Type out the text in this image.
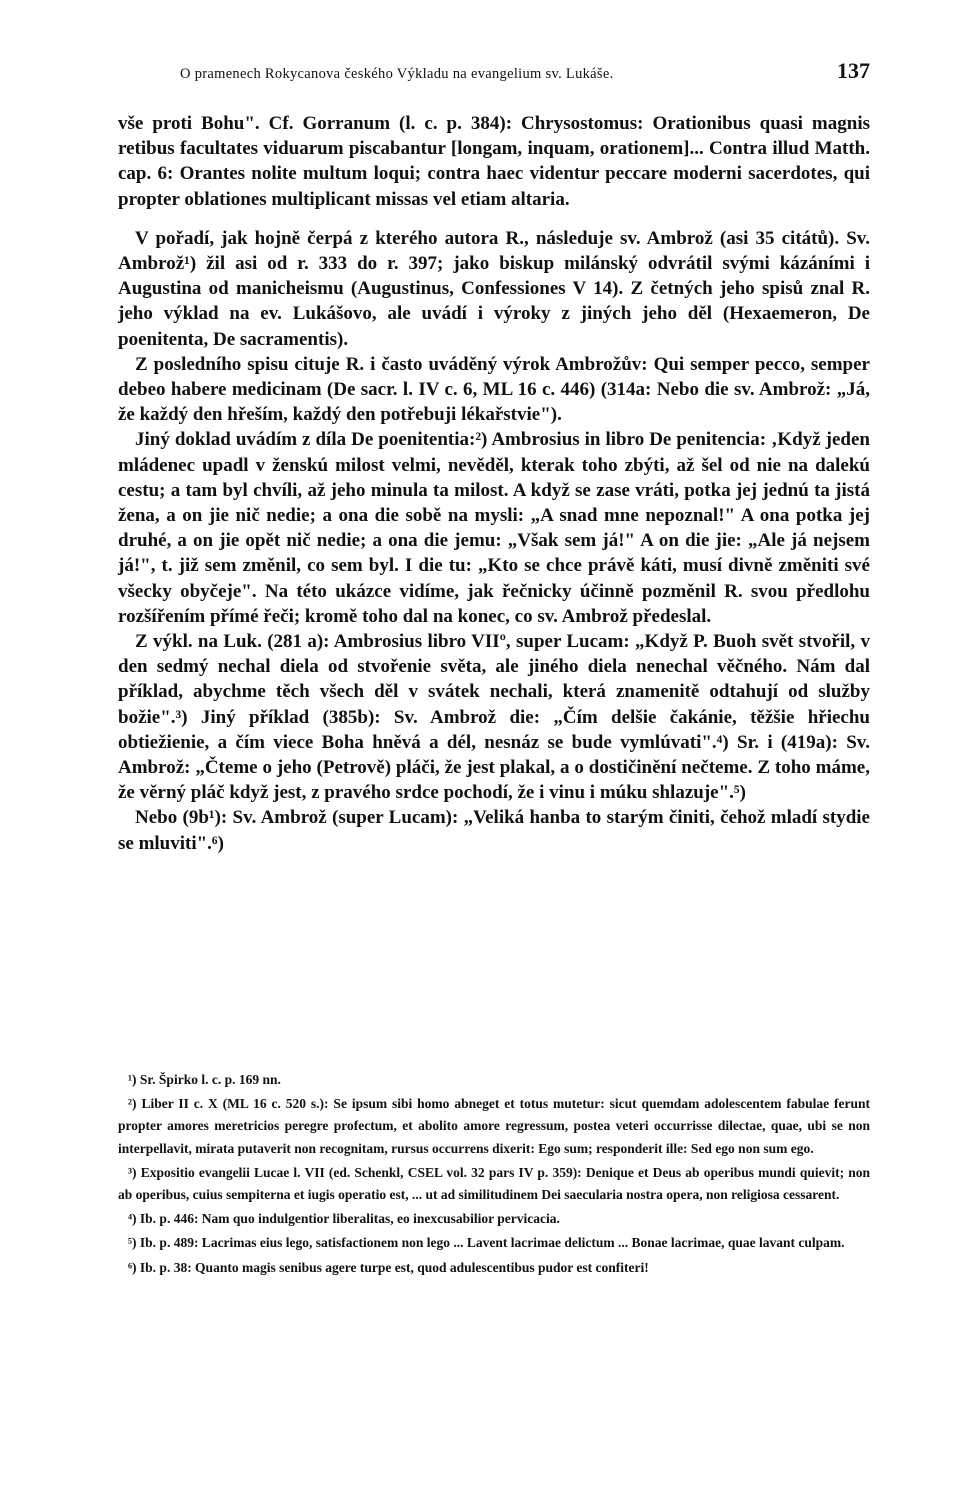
O pramenech Rokycanova českého Výkladu na evangelium sv. Lukáše.	137

vše proti Bohu". Cf. Gorranum (l. c. p. 384): Chrysostomus: Orationibus quasi magnis retibus facultates viduarum piscabantur [longam, inquam, orationem]... Contra illud Matth. cap. 6: Orantes nolite multum loqui; contra haec videntur peccare moderni sacerdotes, qui propter oblationes multiplicant missas vel etiam altaria.

V pořadí, jak hojně čerpá z kterého autora R., následuje sv. Ambrož (asi 35 citátů). Sv. Ambrož¹) žil asi od r. 333 do r. 397; jako biskup milánský odvrátil svými kázáními i Augustina od manicheismu (Augustinus, Confessiones V 14). Z četných jeho spisů znal R. jeho výklad na ev. Lukášovo, ale uvádí i výroky z jiných jeho děl (Hexaemeron, De poenitenta, De sacramentis).

Z posledního spisu cituje R. i často uváděný výrok Ambrožův: Qui semper pecco, semper debeo habere medicinam (De sacr. l. IV c. 6, ML 16 c. 446) (314a: Nebo die sv. Ambrož: „Já, že každý den hřeším, každý den potřebuji lékařstvie").

Jiný doklad uvádím z díla De poenitentia:²) Ambrosius in libro De penitencia: ‚Když jeden mládenec upadl v ženskú milost velmi, nevěděl, kterak toho zbýti, až šel od nie na dalekú cestu; a tam byl chvíli, až jeho minula ta milost. A když se zase vráti, potka jej jednú ta jistá žena, a on jie nič nedie; a ona die sobě na mysli: „A snad mne nepoznal!" A ona potka jej druhé, a on jie opět nič nedie; a ona die jemu: „Však sem já!" A on die jie: „Ale já nejsem já!", t. již sem změnil, co sem byl. I die tu: „Kto se chce právě káti, musí divně změniti své všecky obyčeje". Na této ukázce vidíme, jak řečnicky účinně pozměnil R. svou předlohu rozšířením přímé řeči; kromě toho dal na konec, co sv. Ambrož předeslal.

Z výkl. na Luk. (281 a): Ambrosius libro VIIº, super Lucam: „Když P. Buoh svět stvořil, v den sedmý nechal diela od stvořenie světa, ale jiného diela nenechal věčného. Nám dal příklad, abychme těch všech děl v svátek nechali, která znamenitě odtahují od služby božie".³) Jiný příklad (385b): Sv. Ambrož die: „Čím delšie čakánie, těžšie hřiechu obtiežienie, a čím viece Boha hněvá a dél, nesnáz se bude vymlúvati".⁴) Sr. i (419a): Sv. Ambrož: „Čteme o jeho (Petrově) pláči, že jest plakal, a o dostičinění nečteme. Z toho máme, že věrný pláč když jest, z pravého srdce pochodí, že i vinu i múku shlazuje".⁵)

Nebo (9b¹): Sv. Ambrož (super Lucam): „Veliká hanba to starým činiti, čehož mladí stydie se mluviti".⁶)

¹) Sr. Špirko l. c. p. 169 nn.

²) Liber II c. X (ML 16 c. 520 s.): Se ipsum sibi homo abneget et totus mutetur: sicut quemdam adolescentem fabulae ferunt propter amores meretricios peregre profectum, et abolito amore regressum, postea veteri occurrisse dilectae, quae, ubi se non interpellavit, mirata putaverit non recognitam, rursus occurrens dixerit: Ego sum; responderit ille: Sed ego non sum ego.

³) Expositio evangelii Lucae l. VII (ed. Schenkl, CSEL vol. 32 pars IV p. 359): Denique et Deus ab operibus mundi quievit; non ab operibus, cuius sempiterna et iugis operatio est, ... ut ad similitudinem Dei saecularia nostra opera, non religiosa cessarent.

⁴) Ib. p. 446: Nam quo indulgentior liberalitas, eo inexcusabilior pervicacia.

⁵) Ib. p. 489: Lacrimas eius lego, satisfactionem non lego ... Lavent lacrimae delictum ... Bonae lacrimae, quae lavant culpam.

⁶) Ib. p. 38: Quanto magis senibus agere turpe est, quod adulescentibus pudor est confiteri!
